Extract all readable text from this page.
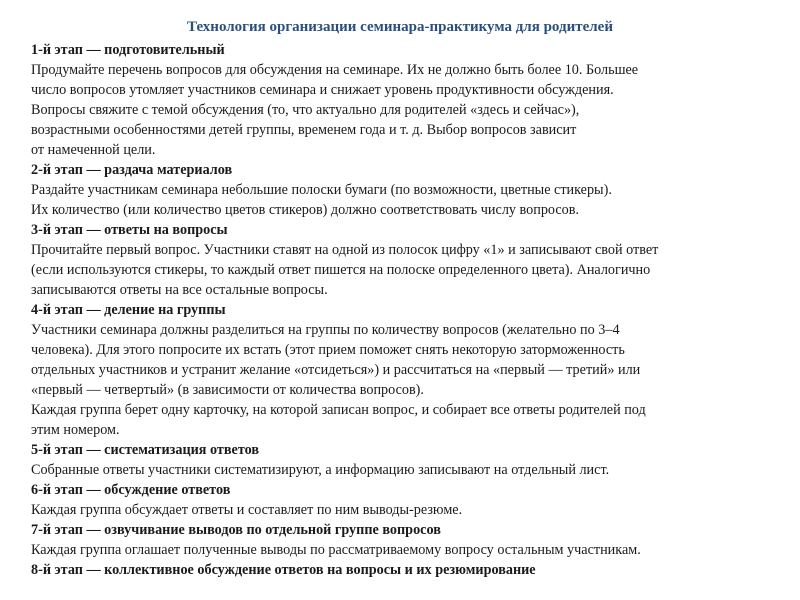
Технология организации семинара-практикума для родителей
1-й этап — подготовительный
Продумайте перечень вопросов для обсуждения на семинаре. Их не должно быть более 10. Большее
число вопросов утомляет участников семинара и снижает уровень продуктивности обсуждения.
Вопросы свяжите с темой обсуждения (то, что актуально для родителей «здесь и сейчас»),
возрастными особенностями детей группы, временем года и т. д. Выбор вопросов зависит
от намеченной цели.
2-й этап — раздача материалов
Раздайте участникам семинара небольшие полоски бумаги (по возможности, цветные стикеры).
Их количество (или количество цветов стикеров) должно соответствовать числу вопросов.
3-й этап — ответы на вопросы
Прочитайте первый вопрос. Участники ставят на одной из полосок цифру «1» и записывают свой ответ
(если используются стикеры, то каждый ответ пишется на полоске определенного цвета). Аналогично
записываются ответы на все остальные вопросы.
4-й этап — деление на группы
Участники семинара должны разделиться на группы по количеству вопросов (желательно по 3–4
человека). Для этого попросите их встать (этот прием поможет снять некоторую заторможенность
отдельных участников и устранит желание «отсидеться») и рассчитаться на «первый — третий» или
«первый — четвертый» (в зависимости от количества вопросов).
Каждая группа берет одну карточку, на которой записан вопрос, и собирает все ответы родителей под
этим номером.
5-й этап — систематизация ответов
Собранные ответы участники систематизируют, а информацию записывают на отдельный лист.
6-й этап — обсуждение ответов
Каждая группа обсуждает ответы и составляет по ним выводы-резюме.
7-й этап — озвучивание выводов по отдельной группе вопросов
Каждая группа оглашает полученные выводы по рассматриваемому вопросу остальным участникам.
8-й этап — коллективное обсуждение ответов на вопросы и их резюмирование
